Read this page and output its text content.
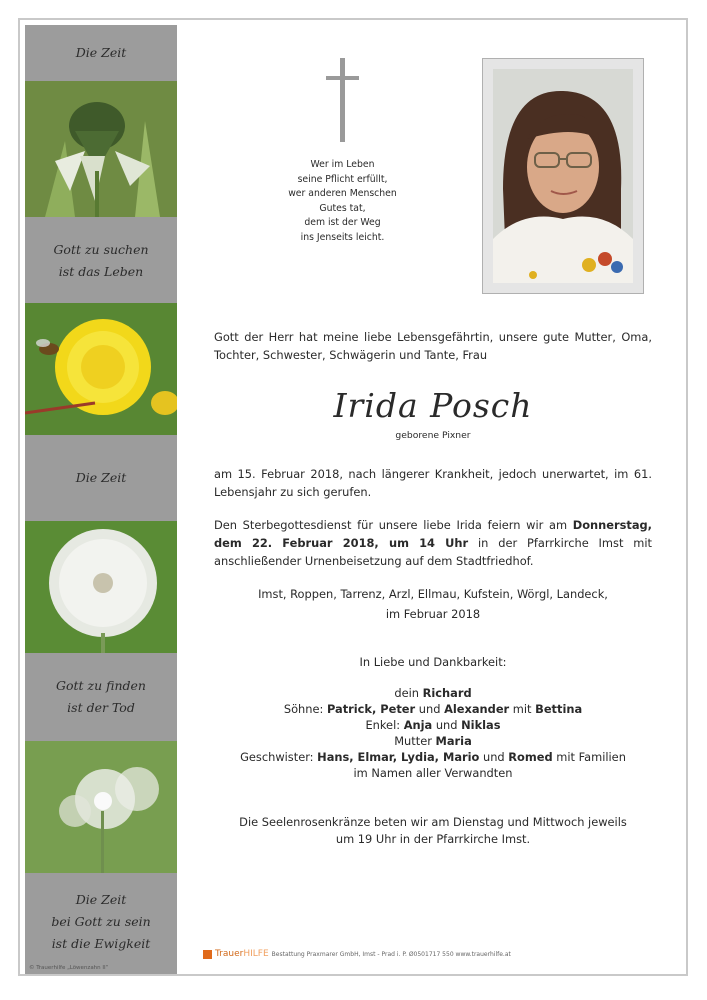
Die Zeit
Gott zu suchen
ist das Leben
Die Zeit
Gott zu finden
ist der Tod
Die Zeit
bei Gott zu sein
ist die Ewigkeit
© Trauerhilfe „Löwenzahn II“
Wer im Leben
seine Pflicht erfüllt,
wer anderen Menschen
Gutes tat,
dem ist der Weg
ins Jenseits leicht.
Gott der Herr hat meine liebe Lebensgefährtin, unsere gute Mutter, Oma, Tochter, Schwester, Schwägerin und Tante, Frau
Irida Posch
geborene Pixner
am 15. Februar 2018, nach längerer Krankheit, jedoch unerwartet, im 61. Lebensjahr zu sich gerufen.
Den Sterbegottesdienst für unsere liebe Irida feiern wir am Donnerstag, dem 22. Februar 2018, um 14 Uhr in der Pfarrkirche Imst mit anschließender Urnenbeisetzung auf dem Stadtfriedhof.
Imst, Roppen, Tarrenz, Arzl, Ellmau, Kufstein, Wörgl, Landeck,
im Februar 2018
In Liebe und Dankbarkeit:
dein Richard
Söhne: Patrick, Peter und Alexander mit Bettina
Enkel: Anja und Niklas
Mutter Maria
Geschwister: Hans, Elmar, Lydia, Mario und Romed mit Familien
im Namen aller Verwandten
Die Seelenrosenkränze beten wir am Dienstag und Mittwoch jeweils
um 19 Uhr in der Pfarrkirche Imst.
TrauerHILFE Bestattung Praxmarer GmbH, Imst - Prad i. P. Ø0501717 550 www.trauerhilfe.at
